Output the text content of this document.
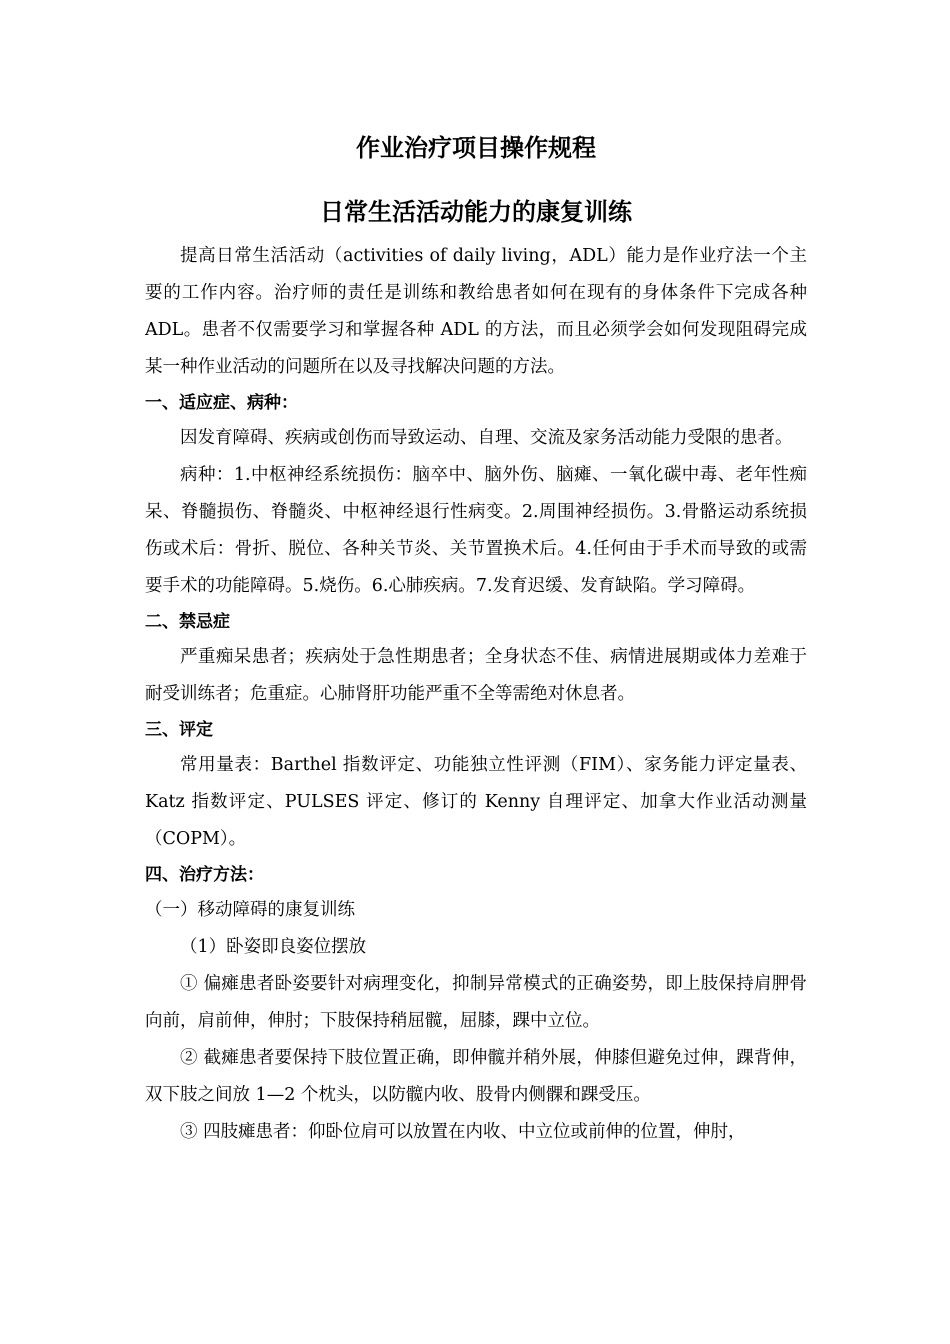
作业治疗项目操作规程
日常生活活动能力的康复训练

提高日常生活活动（activities of daily living，ADL）能力是作业疗法一个主要的工作内容。治疗师的责任是训练和教给患者如何在现有的身体条件下完成各种 ADL。患者不仅需要学习和掌握各种 ADL 的方法，而且必须学会如何发现阻碍完成某一种作业活动的问题所在以及寻找解决问题的方法。

一、适应症、病种：

因发育障碍、疾病或创伤而导致运动、自理、交流及家务活动能力受限的患者。

病种：1.中枢神经系统损伤：脑卒中、脑外伤、脑瘫、一氧化碳中毒、老年性痴呆、脊髓损伤、脊髓炎、中枢神经退行性病变。2.周围神经损伤。3.骨骼运动系统损伤或术后：骨折、脱位、各种关节炎、关节置换术后。4.任何由于手术而导致的或需要手术的功能障碍。5.烧伤。6.心肺疾病。7.发育迟缓、发育缺陷。学习障碍。

二、禁忌症

严重痴呆患者；疾病处于急性期患者；全身状态不佳、病情进展期或体力差难于耐受训练者；危重症。心肺肾肝功能严重不全等需绝对休息者。

三、评定

常用量表：Barthel 指数评定、功能独立性评测（FIM）、家务能力评定量表、Katz 指数评定、PULSES 评定、修订的 Kenny 自理评定、加拿大作业活动测量（COPM）。

四、治疗方法：

（一）移动障碍的康复训练

（1）卧姿即良姿位摆放

① 偏瘫患者卧姿要针对病理变化，抑制异常模式的正确姿势，即上肢保持肩胛骨向前，肩前伸，伸肘；下肢保持稍屈髋，屈膝，踝中立位。

② 截瘫患者要保持下肢位置正确，即伸髋并稍外展，伸膝但避免过伸，踝背伸，双下肢之间放 1—2 个枕头，以防髋内收、股骨内侧髁和踝受压。

③ 四肢瘫患者：仰卧位肩可以放置在内收、中立位或前伸的位置，伸肘，
